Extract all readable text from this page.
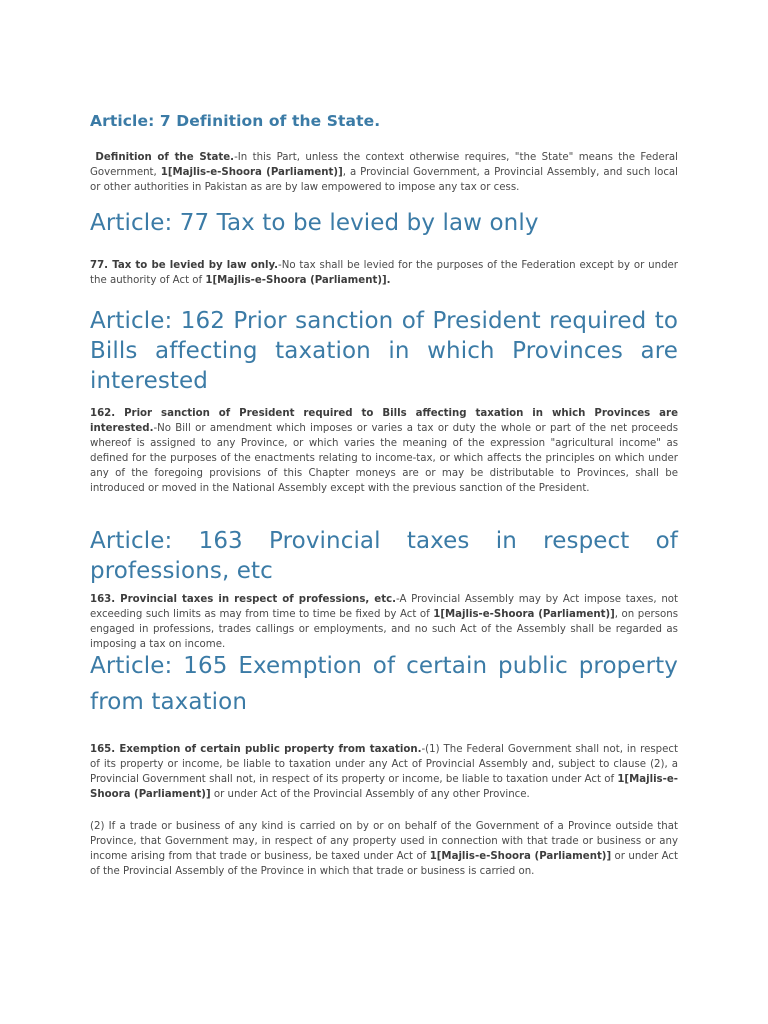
Article: 7 Definition of the State.

Definition of the State.-In this Part, unless the context otherwise requires, "the State" means the Federal Government, 1[Majlis-e-Shoora (Parliament)], a Provincial Government, a Provincial Assembly, and such local or other authorities in Pakistan as are by law empowered to impose any tax or cess.

Article: 77 Tax to be levied by law only

77. Tax to be levied by law only.-No tax shall be levied for the purposes of the Federation except by or under the authority of Act of 1[Majlis-e-Shoora (Parliament)].

Article: 162 Prior sanction of President required to Bills affecting taxation in which Provinces are interested

162. Prior sanction of President required to Bills affecting taxation in which Provinces are interested.-No Bill or amendment which imposes or varies a tax or duty the whole or part of the net proceeds whereof is assigned to any Province, or which varies the meaning of the expression "agricultural income" as defined for the purposes of the enactments relating to income-tax, or which affects the principles on which under any of the foregoing provisions of this Chapter moneys are or may be distributable to Provinces, shall be introduced or moved in the National Assembly except with the previous sanction of the President.

Article: 163 Provincial taxes in respect of professions, etc

163. Provincial taxes in respect of professions, etc.-A Provincial Assembly may by Act impose taxes, not exceeding such limits as may from time to time be fixed by Act of 1[Majlis-e-Shoora (Parliament)], on persons engaged in professions, trades callings or employments, and no such Act of the Assembly shall be regarded as imposing a tax on income.

Article: 165 Exemption of certain public property from taxation

165. Exemption of certain public property from taxation.-(1) The Federal Government shall not, in respect of its property or income, be liable to taxation under any Act of Provincial Assembly and, subject to clause (2), a Provincial Government shall not, in respect of its property or income, be liable to taxation under Act of 1[Majlis-e-Shoora (Parliament)] or under Act of the Provincial Assembly of any other Province.

(2) If a trade or business of any kind is carried on by or on behalf of the Government of a Province outside that Province, that Government may, in respect of any property used in connection with that trade or business or any income arising from that trade or business, be taxed under Act of 1[Majlis-e-Shoora (Parliament)] or under Act of the Provincial Assembly of the Province in which that trade or business is carried on.
